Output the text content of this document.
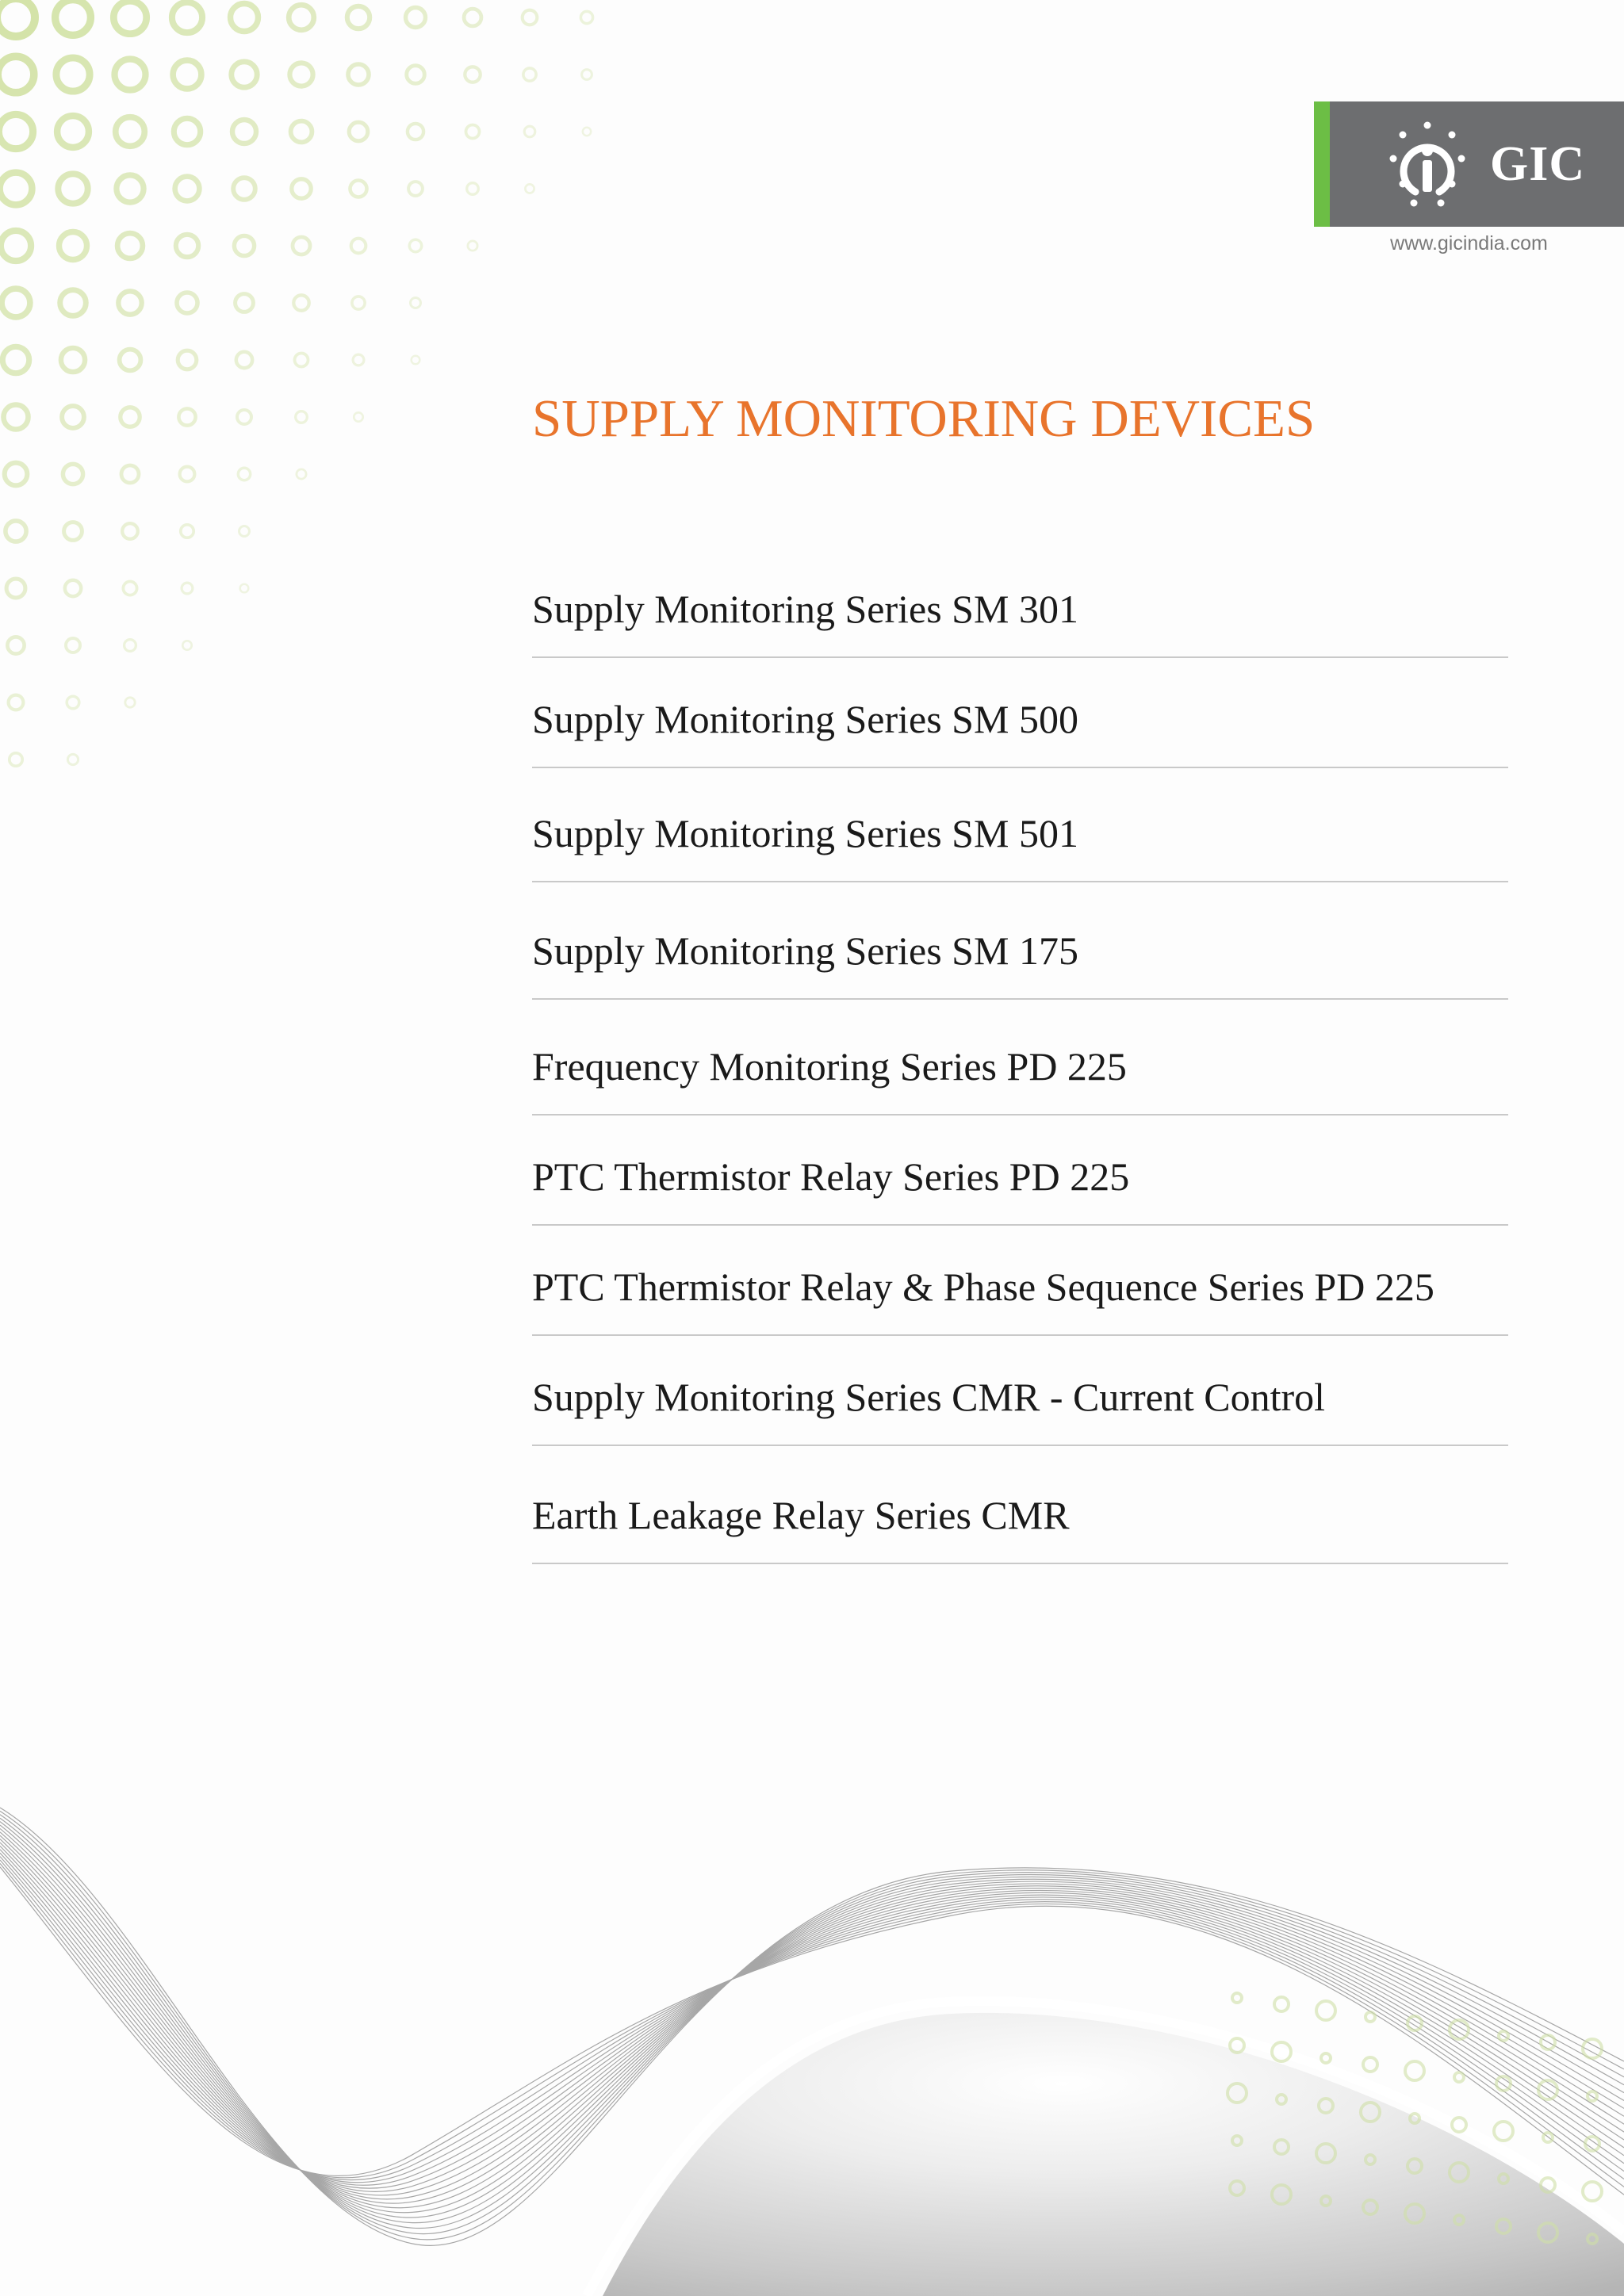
GIC
www.gicindia.com
SUPPLY MONITORING DEVICES
Supply Monitoring Series SM 301
Supply Monitoring Series SM 500
Supply Monitoring Series SM 501
Supply Monitoring Series SM 175
Frequency Monitoring Series PD 225
PTC Thermistor Relay Series PD 225
PTC Thermistor Relay & Phase Sequence Series PD 225
Supply Monitoring Series CMR - Current Control
Earth Leakage Relay Series CMR
